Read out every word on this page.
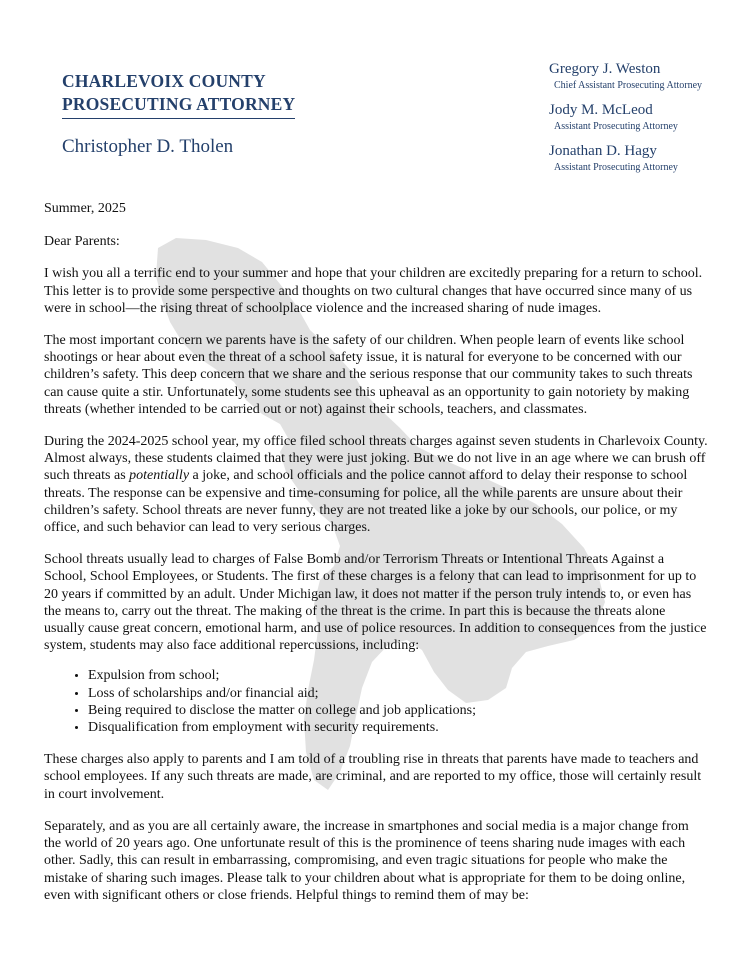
CHARLEVOIX COUNTY
PROSECUTING ATTORNEY
Christopher D. Tholen
Gregory J. Weston
Chief Assistant Prosecuting Attorney
Jody M. McLeod
Assistant Prosecuting Attorney
Jonathan D. Hagy
Assistant Prosecuting Attorney

Summer, 2025

Dear Parents:

I wish you all a terrific end to your summer and hope that your children are excitedly preparing for a return to school. This letter is to provide some perspective and thoughts on two cultural changes that have occurred since many of us were in school—the rising threat of schoolplace violence and the increased sharing of nude images.

The most important concern we parents have is the safety of our children. When people learn of events like school shootings or hear about even the threat of a school safety issue, it is natural for everyone to be concerned with our children’s safety. This deep concern that we share and the serious response that our community takes to such threats can cause quite a stir. Unfortunately, some students see this upheaval as an opportunity to gain notoriety by making threats (whether intended to be carried out or not) against their schools, teachers, and classmates.

During the 2024-2025 school year, my office filed school threats charges against seven students in Charlevoix County. Almost always, these students claimed that they were just joking. But we do not live in an age where we can brush off such threats as potentially a joke, and school officials and the police cannot afford to delay their response to school threats. The response can be expensive and time-consuming for police, all the while parents are unsure about their children’s safety. School threats are never funny, they are not treated like a joke by our schools, our police, or my office, and such behavior can lead to very serious charges.

School threats usually lead to charges of False Bomb and/or Terrorism Threats or Intentional Threats Against a School, School Employees, or Students. The first of these charges is a felony that can lead to imprisonment for up to 20 years if committed by an adult. Under Michigan law, it does not matter if the person truly intends to, or even has the means to, carry out the threat. The making of the threat is the crime. In part this is because the threats alone usually cause great concern, emotional harm, and use of police resources. In addition to consequences from the justice system, students may also face additional repercussions, including:

• Expulsion from school;
• Loss of scholarships and/or financial aid;
• Being required to disclose the matter on college and job applications;
• Disqualification from employment with security requirements.

These charges also apply to parents and I am told of a troubling rise in threats that parents have made to teachers and school employees. If any such threats are made, are criminal, and are reported to my office, those will certainly result in court involvement.

Separately, and as you are all certainly aware, the increase in smartphones and social media is a major change from the world of 20 years ago. One unfortunate result of this is the prominence of teens sharing nude images with each other. Sadly, this can result in embarrassing, compromising, and even tragic situations for people who make the mistake of sharing such images. Please talk to your children about what is appropriate for them to be doing online, even with significant others or close friends. Helpful things to remind them of may be:
